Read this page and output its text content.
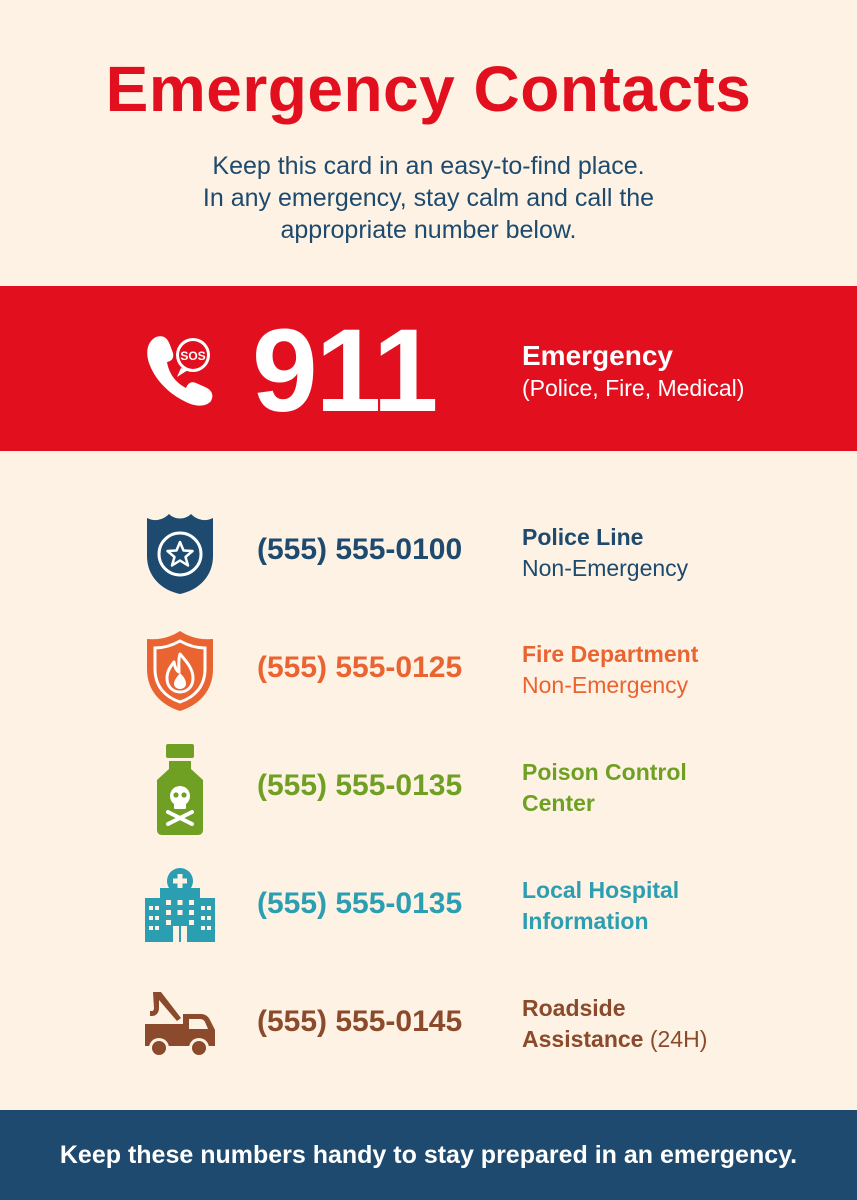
Emergency Contacts

Keep this card in an easy-to-find place.
In any emergency, stay calm and call the
appropriate number below.

SOS 911	Emergency
(Police, Fire, Medical)
(555) 555-0100	Police Line
Non-Emergency
(555) 555-0125	Fire Department
Non-Emergency
(555) 555-0135	Poison Control
Center
(555) 555-0135	Local Hospital
Information
(555) 555-0145	Roadside
Assistance (24H)
Keep these numbers handy to stay prepared in an emergency.
